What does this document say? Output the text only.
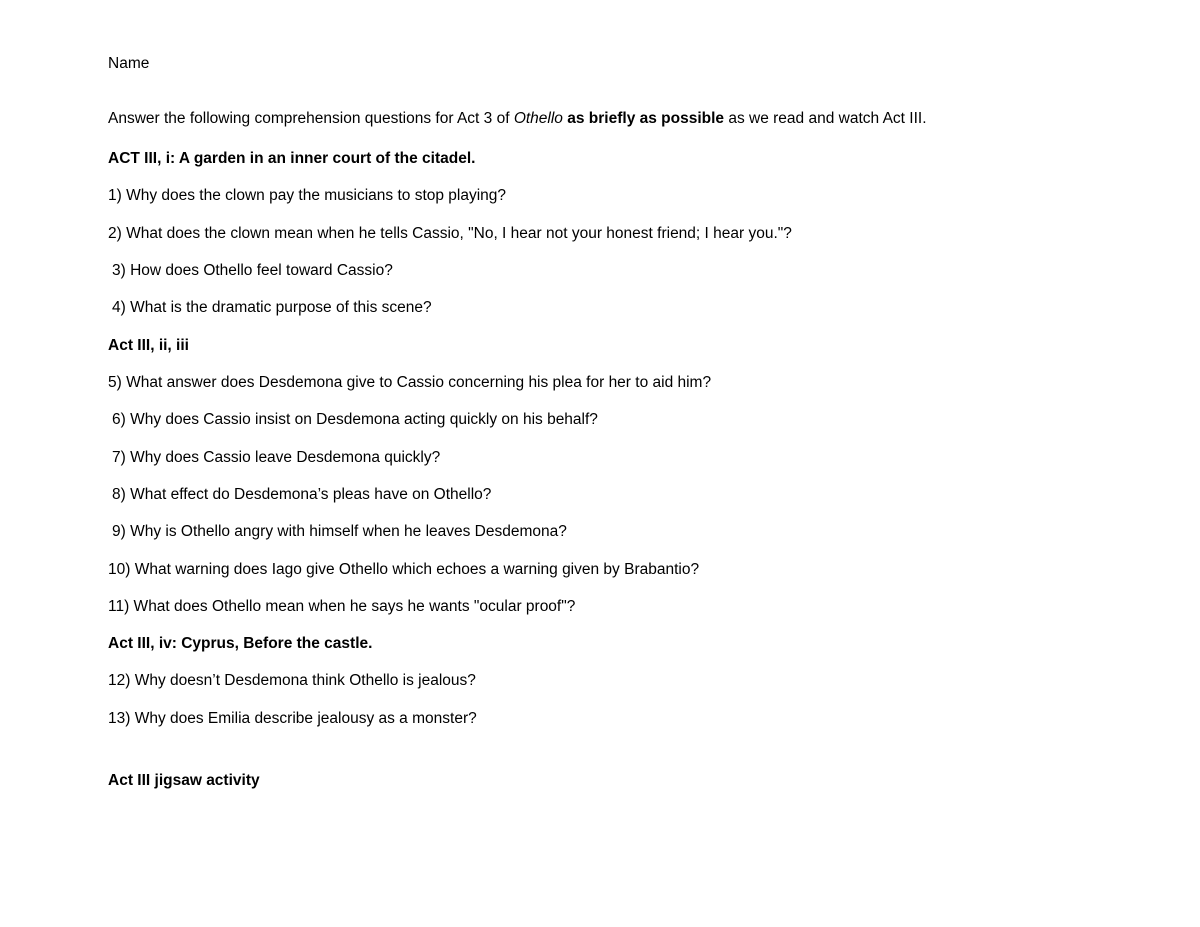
Name
Answer the following comprehension questions for Act 3 of Othello as briefly as possible as we read and watch Act III.
ACT III, i: A garden in an inner court of the citadel.
1) Why does the clown pay the musicians to stop playing?
2) What does the clown mean when he tells Cassio, "No, I hear not your honest friend; I hear you."?
3) How does Othello feel toward Cassio?
4) What is the dramatic purpose of this scene?
Act III, ii, iii
5) What answer does Desdemona give to Cassio concerning his plea for her to aid him?
6) Why does Cassio insist on Desdemona acting quickly on his behalf?
7) Why does Cassio leave Desdemona quickly?
8) What effect do Desdemona’s pleas have on Othello?
9) Why is Othello angry with himself when he leaves Desdemona?
10) What warning does Iago give Othello which echoes a warning given by Brabantio?
11) What does Othello mean when he says he wants "ocular proof"?
Act III, iv: Cyprus, Before the castle.
12) Why doesn’t Desdemona think Othello is jealous?
13) Why does Emilia describe jealousy as a monster?
Act III jigsaw activity
